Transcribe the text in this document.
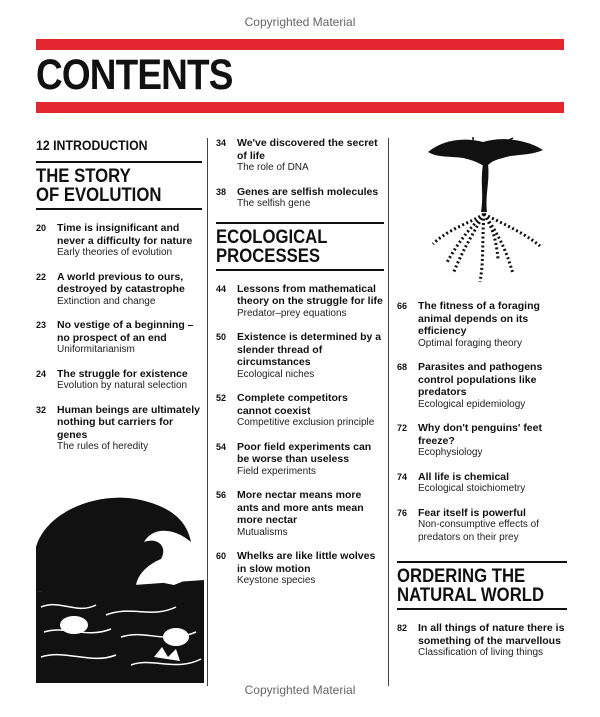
Copyrighted Material
CONTENTS
12 INTRODUCTION
THE STORY
OF EVOLUTION
20 Time is insignificant and never a difficulty for nature
Early theories of evolution
22 A world previous to ours, destroyed by catastrophe
Extinction and change
23 No vestige of a beginning – no prospect of an end
Uniformitarianism
24 The struggle for existence
Evolution by natural selection
32 Human beings are ultimately nothing but carriers for genes
The rules of heredity
34 We've discovered the secret of life
The role of DNA
38 Genes are selfish molecules
The selfish gene
ECOLOGICAL
PROCESSES
44 Lessons from mathematical theory on the struggle for life
Predator–prey equations
50 Existence is determined by a slender thread of circumstances
Ecological niches
52 Complete competitors cannot coexist
Competitive exclusion principle
54 Poor field experiments can be worse than useless
Field experiments
56 More nectar means more ants and more ants mean more nectar
Mutualisms
60 Whelks are like little wolves in slow motion
Keystone species
66 The fitness of a foraging animal depends on its efficiency
Optimal foraging theory
68 Parasites and pathogens control populations like predators
Ecological epidemiology
72 Why don't penguins' feet freeze?
Ecophysiology
74 All life is chemical
Ecological stoichiometry
76 Fear itself is powerful
Non-consumptive effects of predators on their prey
ORDERING THE
NATURAL WORLD
82 In all things of nature there is something of the marvellous
Classification of living things
Copyrighted Material
